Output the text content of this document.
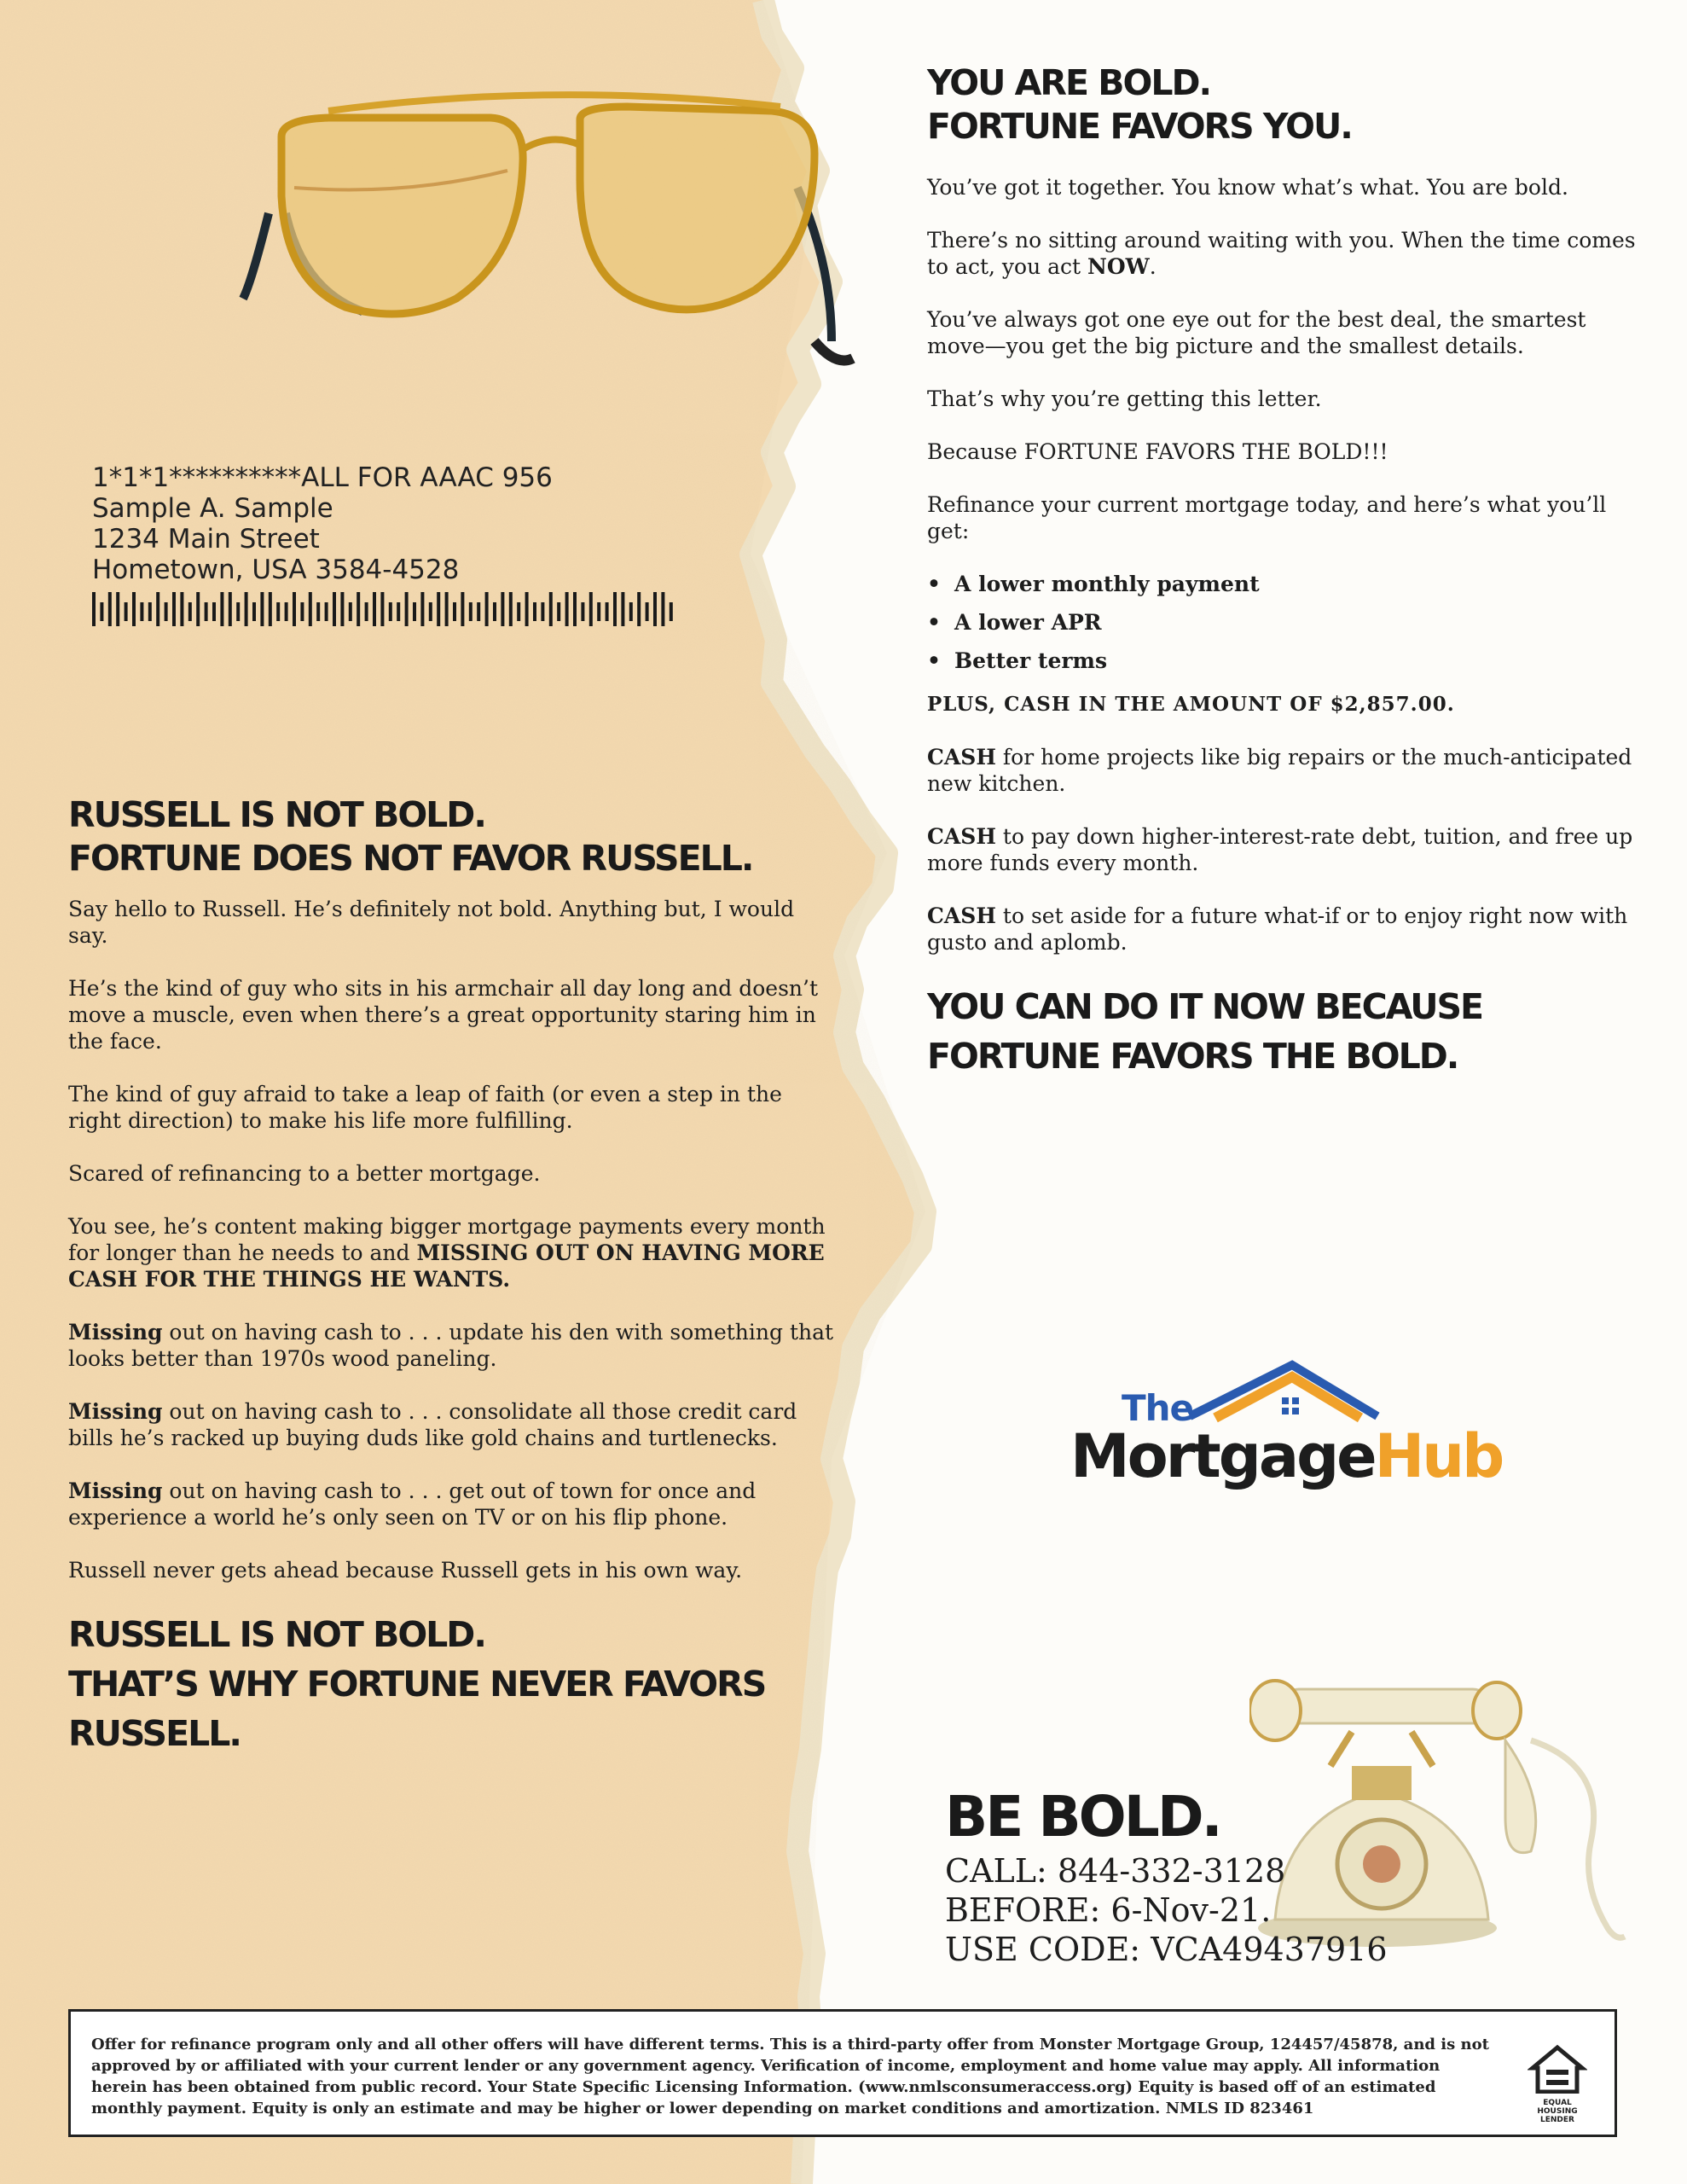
1*1*1**********ALL FOR AAAC 956
Sample A. Sample
1234 Main Street
Hometown, USA 3584-4528
RUSSELL IS NOT BOLD.
FORTUNE DOES NOT FAVOR RUSSELL.

Say hello to Russell. He’s definitely not bold. Anything but, I would say.

He’s the kind of guy who sits in his armchair all day long and doesn’t move a muscle, even when there’s a great opportunity staring him in the face.

The kind of guy afraid to take a leap of faith (or even a step in the right direction) to make his life more fulfilling.

Scared of refinancing to a better mortgage.

You see, he’s content making bigger mortgage payments every month for longer than he needs to and MISSING OUT ON HAVING MORE CASH FOR THE THINGS HE WANTS.

Missing out on having cash to . . . update his den with something that looks better than 1970s wood paneling.

Missing out on having cash to . . . consolidate all those credit card bills he’s racked up buying duds like gold chains and turtlenecks.

Missing out on having cash to . . . get out of town for once and experience a world he’s only seen on TV or on his flip phone.

Russell never gets ahead because Russell gets in his own way.

RUSSELL IS NOT BOLD.
THAT’S WHY FORTUNE NEVER FAVORS
RUSSELL.
YOU ARE BOLD.
FORTUNE FAVORS YOU.

You’ve got it together. You know what’s what. You are bold.

There’s no sitting around waiting with you. When the time comes to act, you act NOW.

You’ve always got one eye out for the best deal, the smartest move—you get the big picture and the smallest details.

That’s why you’re getting this letter.

Because FORTUNE FAVORS THE BOLD!!!

Refinance your current mortgage today, and here’s what you’ll get:

• A lower monthly payment
• A lower APR
• Better terms

PLUS, CASH IN THE AMOUNT OF $2,857.00.

CASH for home projects like big repairs or the much-anticipated new kitchen.

CASH to pay down higher-interest-rate debt, tuition, and free up more funds every month.

CASH to set aside for a future what-if or to enjoy right now with gusto and aplomb.

YOU CAN DO IT NOW BECAUSE
FORTUNE FAVORS THE BOLD.
The
MortgageHub
BE BOLD.
CALL: 844-332-3128
BEFORE: 6-Nov-21.
USE CODE: VCA49437916
Offer for refinance program only and all other offers will have different terms. This is a third-party offer from Monster Mortgage Group, 124457/45878, and is not approved by or affiliated with your current lender or any government agency. Verification of income, employment and home value may apply. All information herein has been obtained from public record. Your State Specific Licensing Information. (www.nmlsconsumeraccess.org) Equity is based off of an estimated monthly payment. Equity is only an estimate and may be higher or lower depending on market conditions and amortization. NMLS ID 823461	EQUAL HOUSING LENDER
